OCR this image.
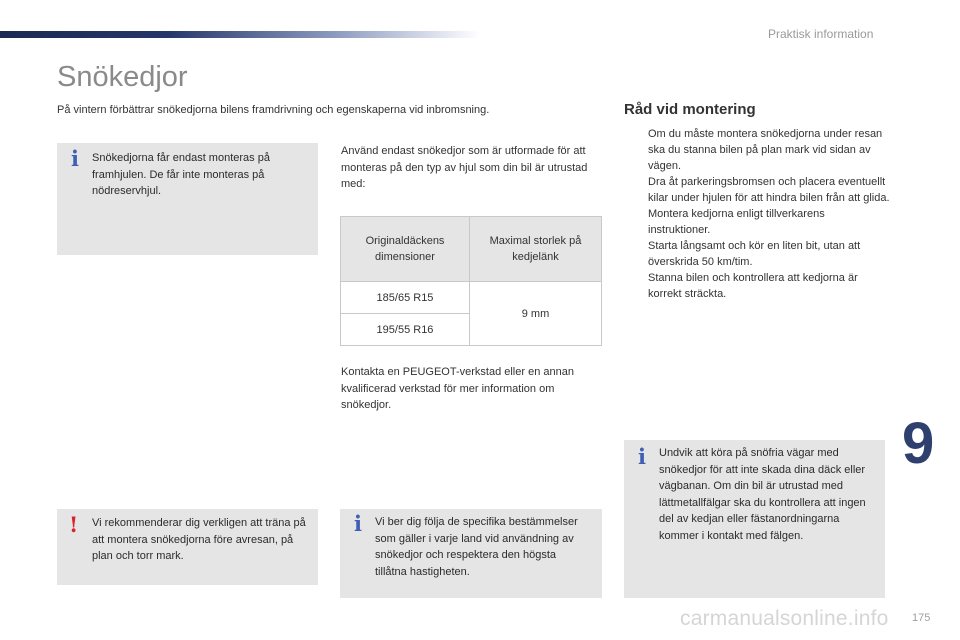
Praktisk information
Snökedjor
På vintern förbättrar snökedjorna bilens framdrivning och egenskaperna vid inbromsning.
i Snökedjorna får endast monteras på framhjulen. De får inte monteras på nödreservhjul.
! Vi rekommenderar dig verkligen att träna på att montera snökedjorna före avresan, på plan och torr mark.
Använd endast snökedjor som är utformade för att monteras på den typ av hjul som din bil är utrustad med:
Originaldäckens dimensioner	Maximal storlek på kedjelänk
185/65 R15	9 mm
195/55 R16	
Kontakta en PEUGEOT-verkstad eller en annan kvalificerad verkstad för mer information om snökedjor.
i Vi ber dig följa de specifika bestämmelser som gäller i varje land vid användning av snökedjor och respektera den högsta tillåtna hastigheten.
Råd vid montering
Om du måste montera snökedjorna under resan ska du stanna bilen på plan mark vid sidan av vägen.
Dra åt parkeringsbromsen och placera eventuellt kilar under hjulen för att hindra bilen från att glida.
Montera kedjorna enligt tillverkarens instruktioner.
Starta långsamt och kör en liten bit, utan att överskrida 50 km/tim.
Stanna bilen och kontrollera att kedjorna är korrekt sträckta.
i Undvik att köra på snöfria vägar med snökedjor för att inte skada dina däck eller vägbanan. Om din bil är utrustad med lättmetallfälgar ska du kontrollera att ingen del av kedjan eller fästanordningarna kommer i kontakt med fälgen.
9
carmanualsonline.info 175
